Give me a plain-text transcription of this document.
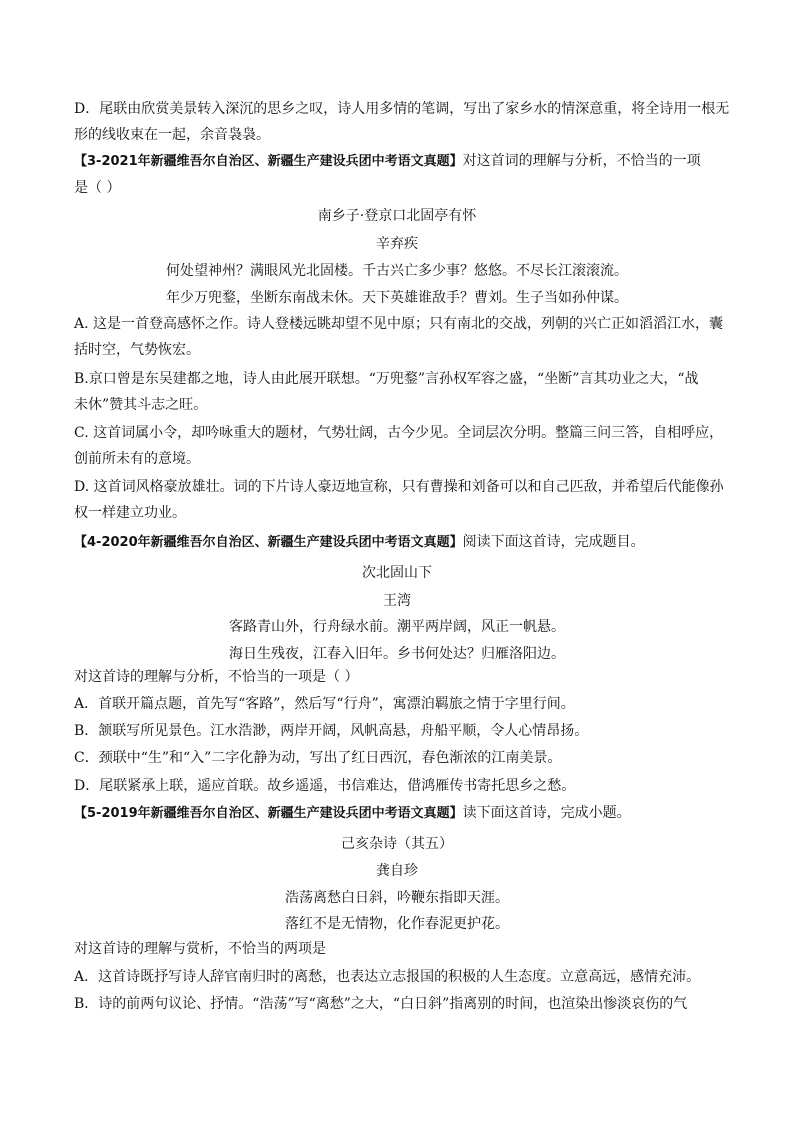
D．尾联由欣赏美景转入深沉的思乡之叹，诗人用多情的笔调，写出了家乡水的情深意重，将全诗用一根无
形的线收束在一起，余音袅袅。

【3-2021年新疆维吾尔自治区、新疆生产建设兵团中考语文真题】对这首词的理解与分析，不恰当的一项
是（ ）

南乡子·登京口北固亭有怀

辛弃疾

何处望神州？满眼风光北固楼。千古兴亡多少事？悠悠。不尽长江滚滚流。

年少万兜鍪，坐断东南战未休。天下英雄谁敌手？曹刘。生子当如孙仲谋。

A. 这是一首登高感怀之作。诗人登楼远眺却望不见中原；只有南北的交战，列朝的兴亡正如滔滔江水，囊
括时空，气势恢宏。

B.京口曾是东吴建都之地，诗人由此展开联想。“万兜鍪”言孙权军容之盛，“坐断”言其功业之大，“战
未休”赞其斗志之旺。

C. 这首词属小令，却吟咏重大的题材，气势壮阔，古今少见。全词层次分明。整篇三问三答，自相呼应，
创前所未有的意境。

D. 这首词风格豪放雄壮。词的下片诗人豪迈地宣称，只有曹操和刘备可以和自己匹敌，并希望后代能像孙
权一样建立功业。

【4-2020年新疆维吾尔自治区、新疆生产建设兵团中考语文真题】阅读下面这首诗，完成题目。

次北固山下

王湾

客路青山外，行舟绿水前。潮平两岸阔，风正一帆悬。

海日生残夜，江春入旧年。乡书何处达？归雁洛阳边。

对这首诗的理解与分析，不恰当的一项是（ ）

A．首联开篇点题，首先写“客路”，然后写“行舟”，寓漂泊羁旅之情于字里行间。

B．颔联写所见景色。江水浩渺，两岸开阔，风帆高悬，舟船平顺，令人心情昂扬。

C．颈联中“生”和“入”二字化静为动，写出了红日西沉，春色渐浓的江南美景。

D．尾联紧承上联，遥应首联。故乡遥遥，书信难达，借鸿雁传书寄托思乡之愁。

【5-2019年新疆维吾尔自治区、新疆生产建设兵团中考语文真题】读下面这首诗，完成小题。

己亥杂诗（其五）

龚自珍

浩荡离愁白日斜，吟鞭东指即天涯。

落红不是无情物，化作春泥更护花。

对这首诗的理解与赏析，不恰当的两项是

A．这首诗既抒写诗人辞官南归时的离愁，也表达立志报国的积极的人生态度。立意高远，感情充沛。

B．诗的前两句议论、抒情。“浩荡”写“离愁”之大，“白日斜”指离别的时间，也渲染出惨淡哀伤的气
